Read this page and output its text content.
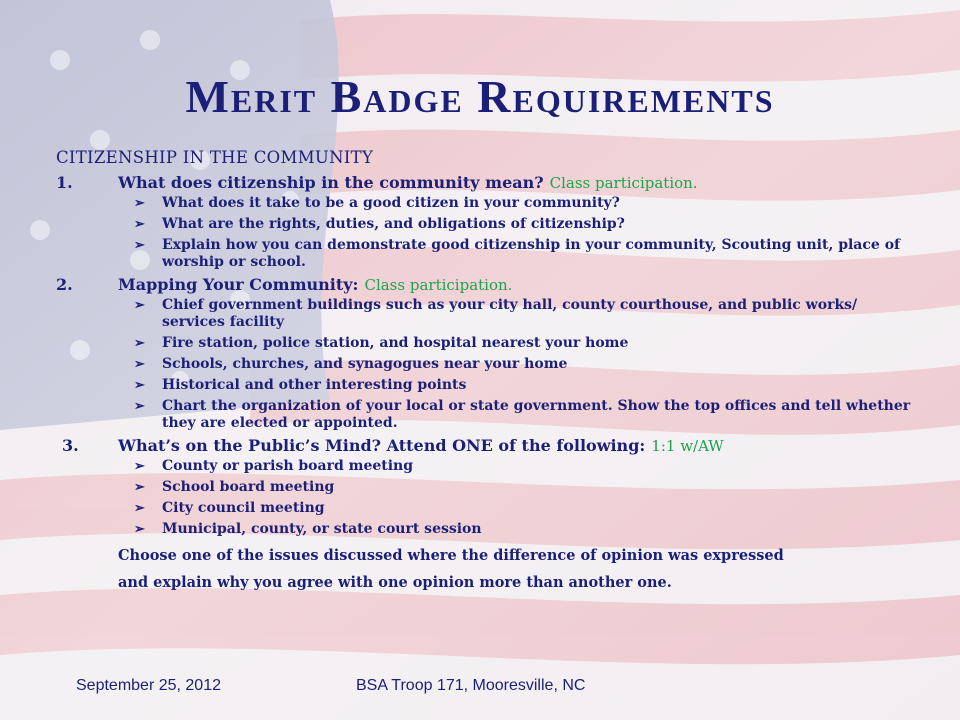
Merit Badge Requirements
CITIZENSHIP IN THE COMMUNITY
1.	What does citizenship in the community mean? Class participation.
➢ What does it take to be a good citizen in your community?
➢ What are the rights, duties, and obligations of citizenship?
➢ Explain how you can demonstrate good citizenship in your community, Scouting unit, place of worship or school.
2.	Mapping Your Community: Class participation.
➢ Chief government buildings such as your city hall, county courthouse, and public works/ services facility
➢ Fire station, police station, and hospital nearest your home
➢ Schools, churches, and synagogues near your home
➢ Historical and other interesting points
➢ Chart the organization of your local or state government. Show the top offices and tell whether they are elected or appointed.
3.	What’s on the Public’s Mind? Attend ONE of the following: 1:1 w/AW
➢ County or parish board meeting
➢ School board meeting
➢ City council meeting
➢ Municipal, county, or state court session
Choose one of the issues discussed where the difference of opinion was expressed
and explain why you agree with one opinion more than another one.
September 25, 2012	BSA Troop 171, Mooresville, NC
